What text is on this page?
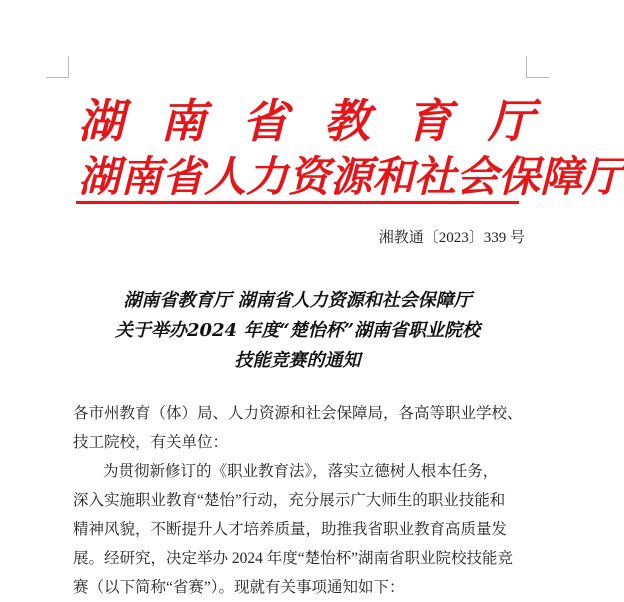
湖南省教育厅
湖南省人力资源和社会保障厅
湘教通〔2023〕339 号
湖南省教育厅 湖南省人力资源和社会保障厅
关于举办2024 年度“楚怡杯”湖南省职业院校
技能竞赛的通知
各市州教育（体）局、人力资源和社会保障局，各高等职业学校、
技工院校，有关单位：
为贯彻新修订的《职业教育法》，落实立德树人根本任务，
深入实施职业教育“楚怡”行动，充分展示广大师生的职业技能和
精神风貌，不断提升人才培养质量，助推我省职业教育高质量发
展。经研究，决定举办 2024 年度“楚怡杯”湖南省职业院校技能竞
赛（以下简称“省赛”）。现就有关事项通知如下：
